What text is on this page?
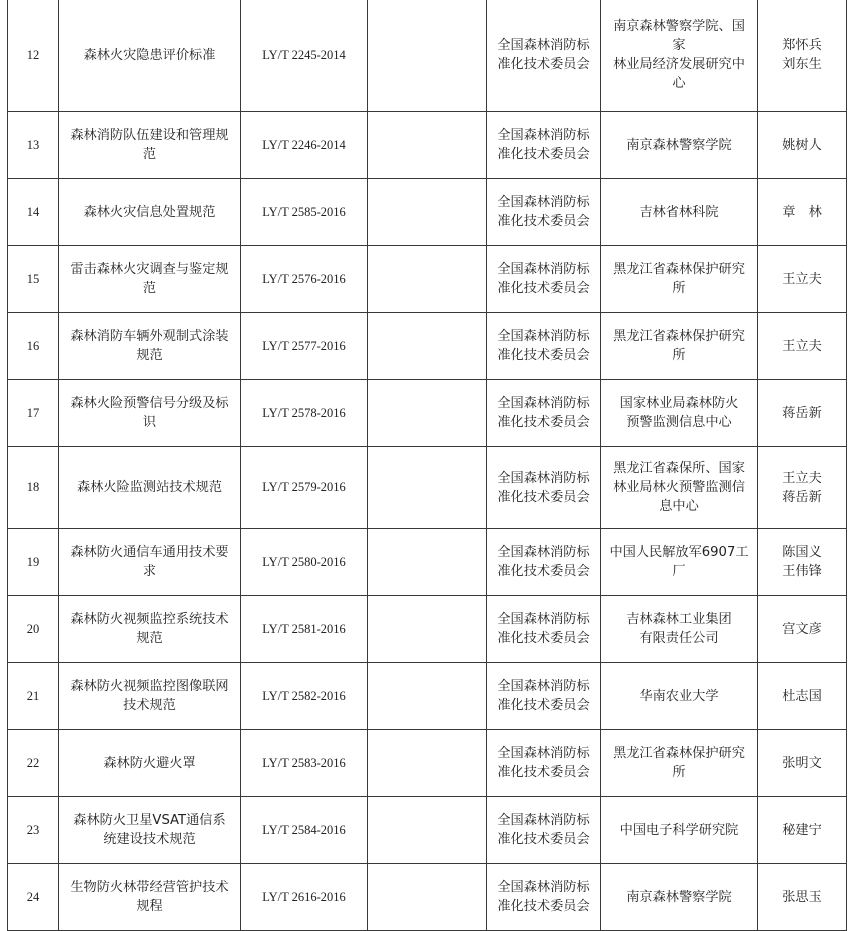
12	森林火灾隐患评价标准	LY/T 2245-2014		全国森林消防标准化技术委员会	南京森林警察学院、国
家
林业局经济发展研究中
心	郑怀兵
刘东生

13	森林消防队伍建设和管理规范	LY/T 2246-2014		全国森林消防标准化技术委员会	南京森林警察学院	姚树人

14	森林火灾信息处置规范	LY/T 2585-2016		全国森林消防标准化技术委员会	吉林省林科院	章　林

15	雷击森林火灾调查与鉴定规范	LY/T 2576-2016		全国森林消防标准化技术委员会	黑龙江省森林保护研究
所	王立夫

16	森林消防车辆外观制式涂装规范	LY/T 2577-2016		全国森林消防标准化技术委员会	黑龙江省森林保护研究
所	王立夫

17	森林火险预警信号分级及标识	LY/T 2578-2016		全国森林消防标准化技术委员会	国家林业局森林防火
预警监测信息中心	蒋岳新

18	森林火险监测站技术规范	LY/T 2579-2016		全国森林消防标准化技术委员会	黑龙江省森保所、国家
林业局林火预警监测信
息中心	王立夫
蒋岳新

19	森林防火通信车通用技术要求	LY/T 2580-2016		全国森林消防标准化技术委员会	中国人民解放军6907工
厂	陈国义
王伟锋

20	森林防火视频监控系统技术规范	LY/T 2581-2016		全国森林消防标准化技术委员会	吉林森林工业集团
有限责任公司	宫文彦

21	森林防火视频监控图像联网技术规范	LY/T 2582-2016		全国森林消防标准化技术委员会	华南农业大学	杜志国

22	森林防火避火罩	LY/T 2583-2016		全国森林消防标准化技术委员会	黑龙江省森林保护研究
所	张明文

23	森林防火卫星VSAT通信系统建设技术规范	LY/T 2584-2016		全国森林消防标准化技术委员会	中国电子科学研究院	秘建宁

24	生物防火林带经营管护技术规程	LY/T 2616-2016		全国森林消防标准化技术委员会	南京森林警察学院	张思玉
